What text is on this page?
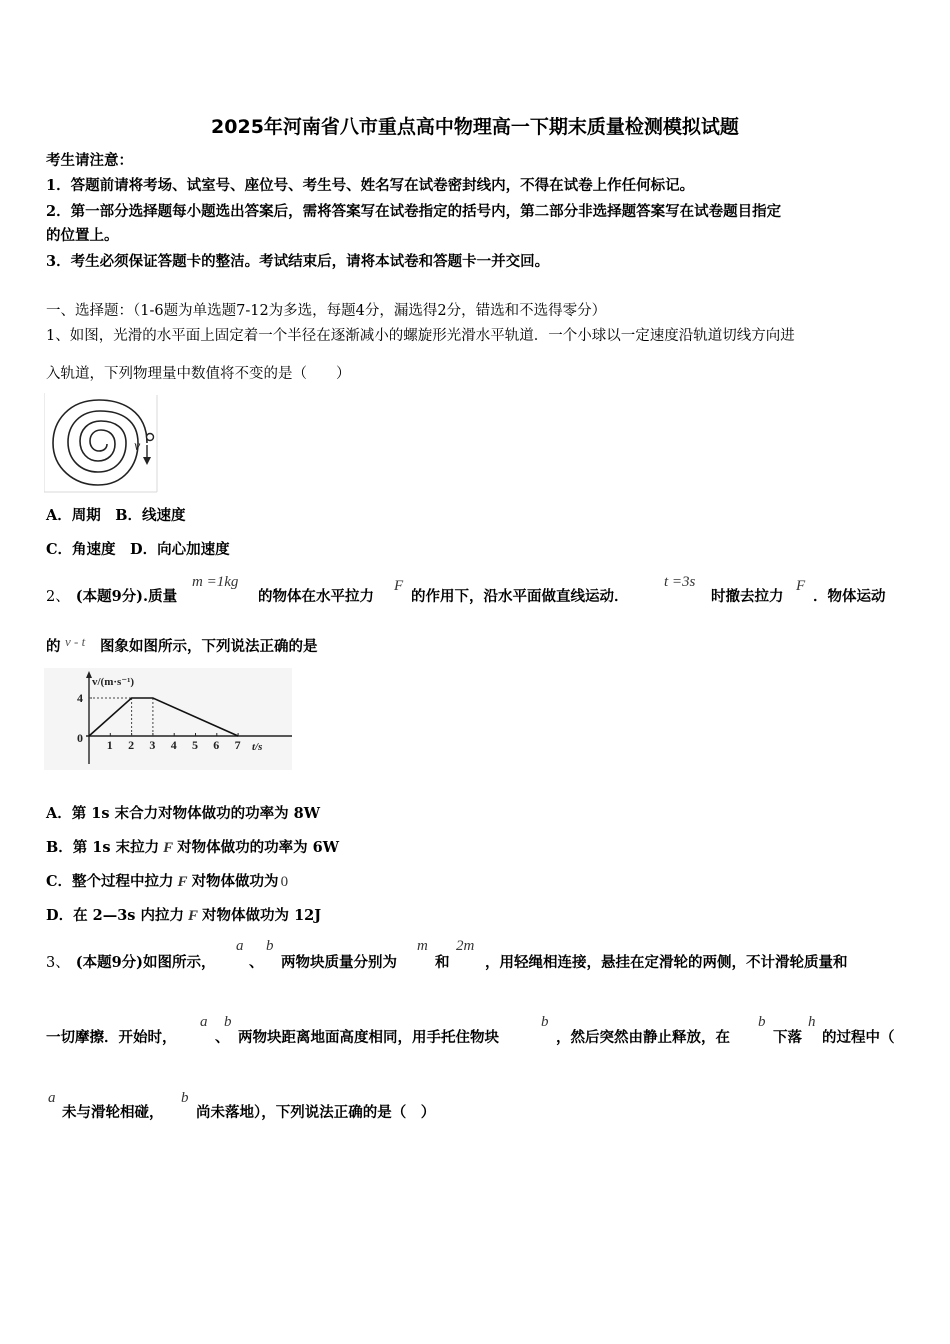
2025年河南省八市重点高中物理高一下期末质量检测模拟试题
考生请注意：
1．答题前请将考场、试室号、座位号、考生号、姓名写在试卷密封线内，不得在试卷上作任何标记。
2．第一部分选择题每小题选出答案后，需将答案写在试卷指定的括号内，第二部分非选择题答案写在试卷题目指定
的位置上。
3．考生必须保证答题卡的整洁。考试结束后，请将本试卷和答题卡一并交回。
一、选择题：（1-6题为单选题7-12为多选，每题4分，漏选得2分，错选和不选得零分）
1、如图，光滑的水平面上固定着一个半径在逐渐减小的螺旋形光滑水平轨道．一个小球以一定速度沿轨道切线方向进
入轨道，下列物理量中数值将不变的是（　　）
v
A．周期　B．线速度
C．角速度　D．向心加速度
2、 (本题9分).质量
m =1kg
的物体在水平拉力
F
的作用下，沿水平面做直线运动．
t =3s
时撤去拉力
F
．物体运动
的 v - t 图象如图所示，下列说法正确的是
v/(m·s⁻¹)
t/s
0 1 2 3 4 5 6 7
4
A．第 1s 末合力对物体做功的功率为 8W
B．第 1s 末拉力 F 对物体做功的功率为 6W
C．整个过程中拉力 F 对物体做功为 0
D．在 2—3s 内拉力 F 对物体做功为 12J
3、 (本题9分)如图所示，
a
、
b
两物块质量分别为
m
和
2m
，用轻绳相连接，悬挂在定滑轮的两侧，不计滑轮质量和
一切摩擦．开始时，
a b
、 两物块距离地面高度相同，用手托住物块
b
，然后突然由静止释放，在
b
下落
h
的过程中（
a
未与滑轮相碰，
b
尚未落地），下列说法正确的是（　）
